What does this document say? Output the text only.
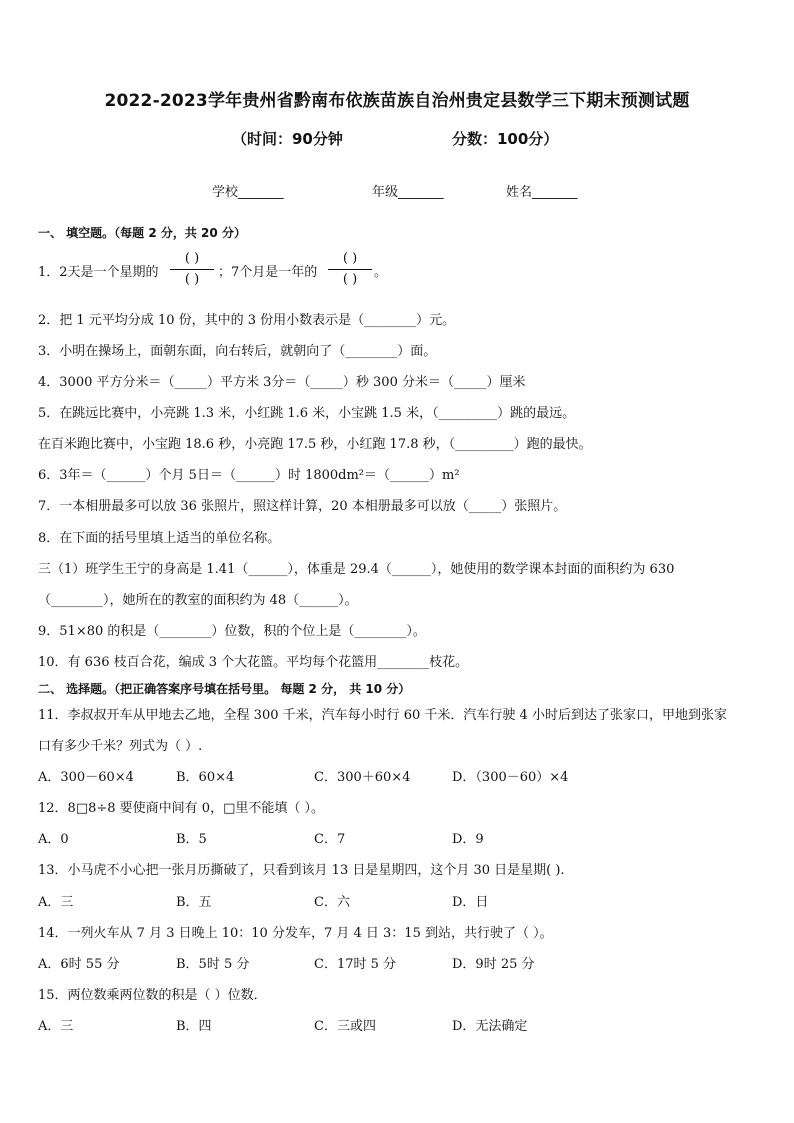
2022-2023学年贵州省黔南布依族苗族自治州贵定县数学三下期末预测试题
（时间：90分钟	分数：100分）
学校_______	年级_______	姓名_______
一、 填空题。（每题 2 分，共 20 分）
1．2天是一个星期的
( )
( )	；7个月是一年的
( )
( )	。
2．把 1 元平均分成 10 份，其中的 3 份用小数表示是（________）元。
3．小明在操场上，面朝东面，向右转后，就朝向了（________）面。
4．3000 平方分米＝（_____）平方米 3分＝（_____）秒 300 分米＝（_____）厘米
5．在跳远比赛中，小亮跳 1.3 米，小红跳 1.6 米，小宝跳 1.5 米，（_________）跳的最远。
在百米跑比赛中，小宝跑 18.6 秒，小亮跑 17.5 秒，小红跑 17.8 秒，（_________）跑的最快。
6．3年＝（______）个月 5日＝（______）时 1800dm²＝（______）m²
7．一本相册最多可以放 36 张照片，照这样计算，20 本相册最多可以放（_____）张照片。
8．在下面的括号里填上适当的单位名称。
三（1）班学生王宁的身高是 1.41（______），体重是 29.4（______），她使用的数学课本封面的面积约为 630
（________），她所在的教室的面积约为 48（______）。
9．51×80 的积是（________）位数，积的个位上是（________）。
10．有 636 枝百合花，编成 3 个大花篮。平均每个花篮用________枝花。
二、 选择题。（把正确答案序号填在括号里。 每题 2 分， 共 10 分）
11．李叔叔开车从甲地去乙地，全程 300 千米，汽车每小时行 60 千米．汽车行驶 4 小时后到达了张家口，甲地到张家
口有多少千米？列式为（ ）.
A．300－60×4	B．60×4	C．300＋60×4	D．（300－60）×4
12．8□8÷8 要使商中间有 0，□里不能填（ ）。
A．0	B．5	C．7	D．9
13．小马虎不小心把一张月历撕破了，只看到该月 13 日是星期四，这个月 30 日是星期( ).
A．三	B．五	C．六	D．日
14．一列火车从 7 月 3 日晚上 10：10 分发车，7 月 4 日 3：15 到站，共行驶了（ ）。
A．6时 55 分	B．5时 5 分	C．17时 5 分	D．9时 25 分
15．两位数乘两位数的积是（ ）位数．
A．三	B．四	C．三或四	D．无法确定
